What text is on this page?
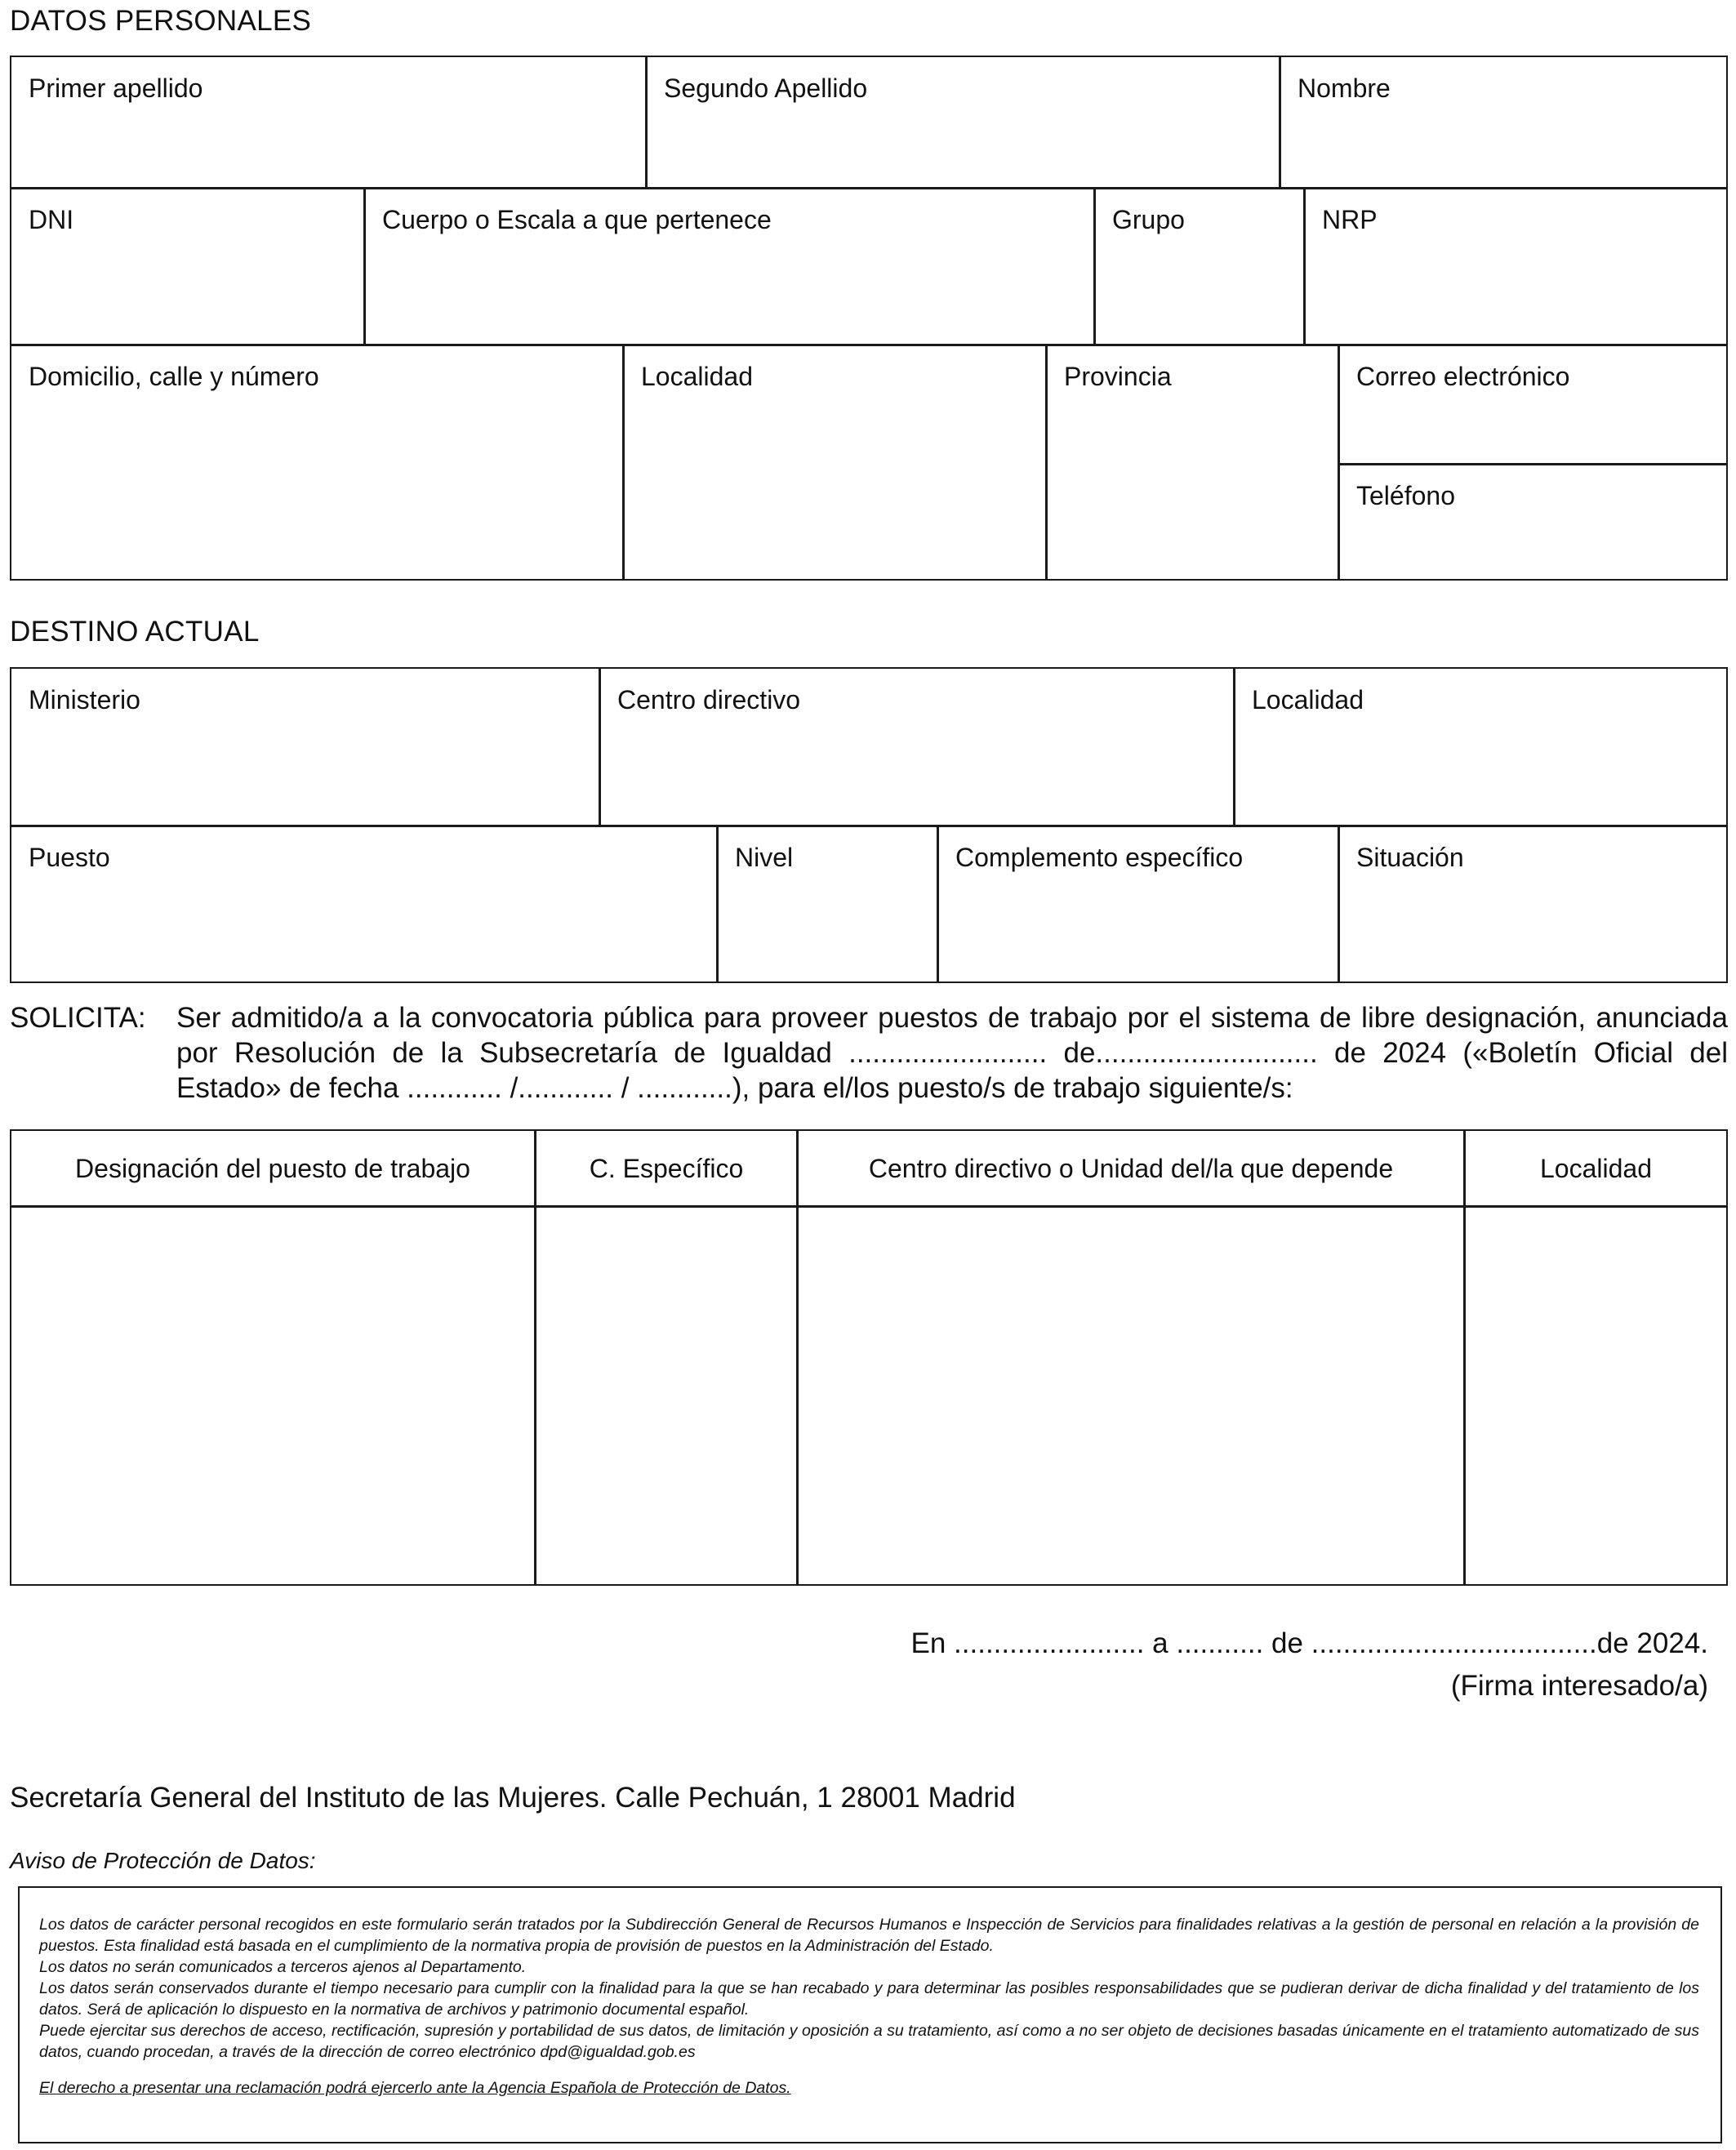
DATOS PERSONALES
Primer apellido	Segundo Apellido	Nombre
DNI	Cuerpo o Escala a que pertenece	Grupo	NRP
Domicilio, calle y número	Localidad	Provincia	Correo electrónico
Teléfono
DESTINO ACTUAL
Ministerio	Centro directivo	Localidad
Puesto	Nivel	Complemento específico	Situación
SOLICITA: Ser admitido/a a la convocatoria pública para proveer puestos de trabajo por el sistema de libre designación, anunciada por Resolución de la Subsecretaría de Igualdad ......................... de............................ de 2024 («Boletín Oficial del Estado» de fecha ............ /............ / ............), para el/los puesto/s de trabajo siguiente/s:
Designación del puesto de trabajo	C. Específico	Centro directivo o Unidad del/la que depende	Localidad
En ........................ a ........... de ....................................de 2024.
(Firma interesado/a)
Secretaría General del Instituto de las Mujeres. Calle Pechuán, 1 28001 Madrid
Aviso de Protección de Datos:

Los datos de carácter personal recogidos en este formulario serán tratados por la Subdirección General de Recursos Humanos e Inspección de Servicios para finalidades relativas a la gestión de personal en relación a la provisión de puestos. Esta finalidad está basada en el cumplimiento de la normativa propia de provisión de puestos en la Administración del Estado.

Los datos no serán comunicados a terceros ajenos al Departamento.

Los datos serán conservados durante el tiempo necesario para cumplir con la finalidad para la que se han recabado y para determinar las posibles responsabilidades que se pudieran derivar de dicha finalidad y del tratamiento de los datos. Será de aplicación lo dispuesto en la normativa de archivos y patrimonio documental español.

Puede ejercitar sus derechos de acceso, rectificación, supresión y portabilidad de sus datos, de limitación y oposición a su tratamiento, así como a no ser objeto de decisiones basadas únicamente en el tratamiento automatizado de sus datos, cuando procedan, a través de la dirección de correo electrónico dpd@igualdad.gob.es

El derecho a presentar una reclamación podrá ejercerlo ante la Agencia Española de Protección de Datos.
